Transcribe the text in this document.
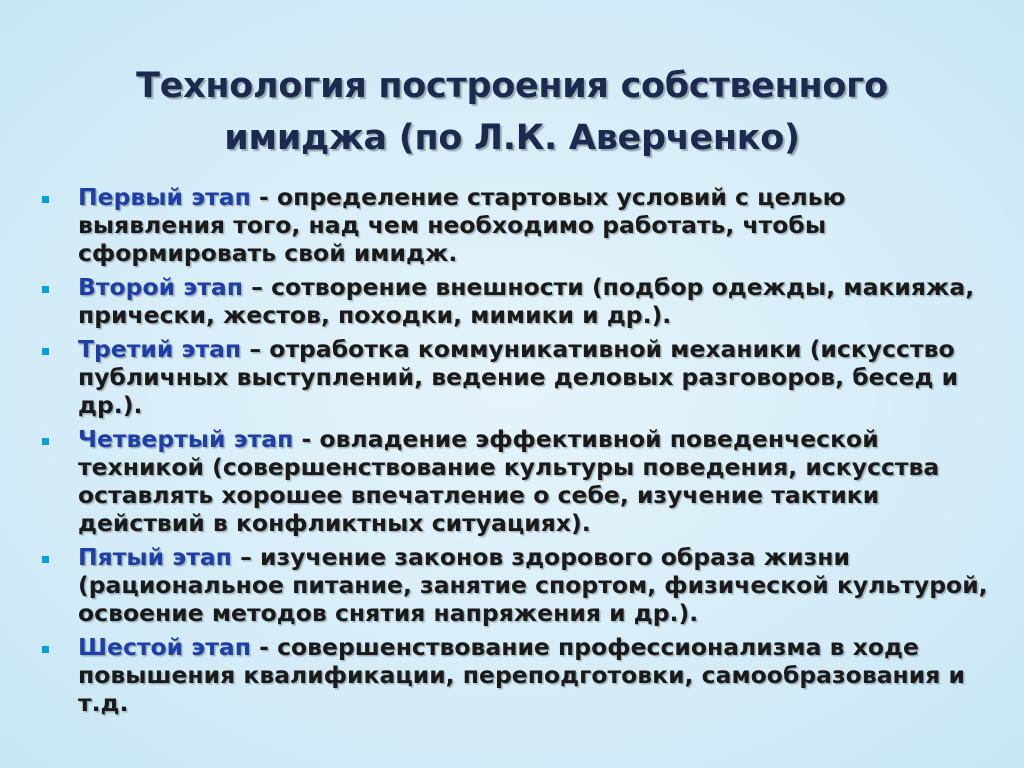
Технология построения собственного
имиджа (по Л.К. Аверченко)
Первый этап - определение стартовых условий с целью выявления того, над чем необходимо работать, чтобы сформировать свой имидж.
Второй этап – сотворение внешности (подбор одежды, макияжа, прически, жестов, походки, мимики и др.).
Третий этап – отработка коммуникативной механики (искусство публичных выступлений, ведение деловых разговоров, бесед и др.).
Четвертый этап - овладение эффективной поведенческой техникой (совершенствование культуры поведения, искусства оставлять хорошее впечатление о себе, изучение тактики действий в конфликтных ситуациях).
Пятый этап – изучение законов здорового образа жизни (рациональное питание, занятие спортом, физической культурой, освоение методов снятия напряжения и др.).
Шестой этап - совершенствование профессионализма в ходе повышения квалификации, переподготовки, самообразования и т.д.
